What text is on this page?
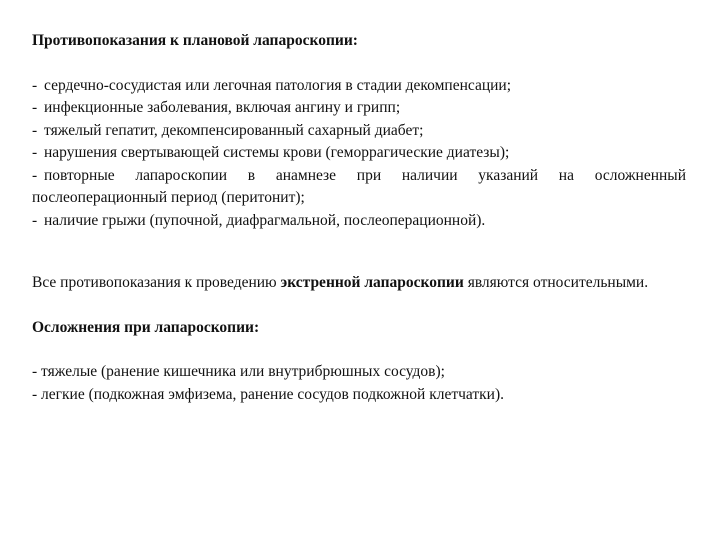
Противопоказания к плановой лапароскопии:

- сердечно-сосудистая или легочная патология в стадии декомпенсации;
- инфекционные заболевания, включая ангину и грипп;
- тяжелый гепатит, декомпенсированный сахарный диабет;
- нарушения свертывающей системы крови (геморрагические диатезы);
- повторные лапароскопии в анамнезе при наличии указаний на осложненный послеоперационный период (перитонит);
- наличие грыжи (пупочной, диафрагмальной, послеоперационной).

Все противопоказания к проведению экстренной лапароскопии являются относительными.

Осложнения при лапароскопии:

- тяжелые (ранение кишечника или внутрибрюшных сосудов);
- легкие (подкожная эмфизема, ранение сосудов подкожной клетчатки).
